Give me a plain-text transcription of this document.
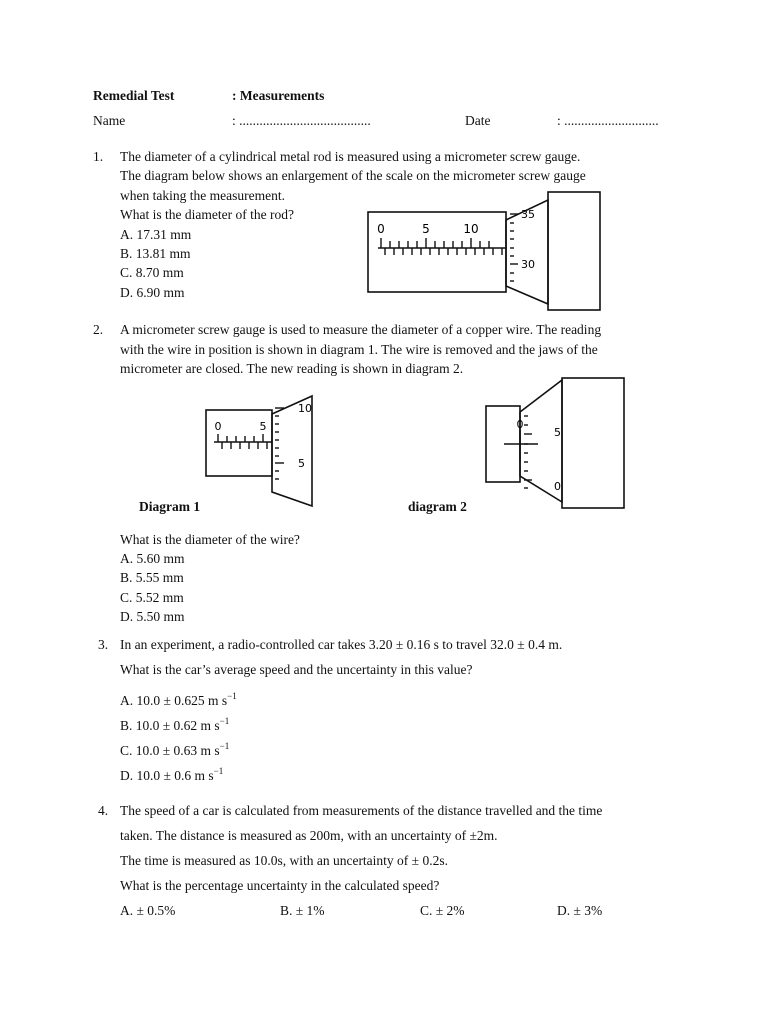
Remedial Test	: Measurements
Name	: .......................................	Date	: ............................
1. The diameter of a cylindrical metal rod is measured using a micrometer screw gauge.
The diagram below shows an enlargement of the scale on the micrometer screw gauge
when taking the measurement.
What is the diameter of the rod?
A. 17.31 mm
B. 13.81 mm
C. 8.70 mm
D. 6.90 mm
0	5	10
35
30
2. A micrometer screw gauge is used to measure the diameter of a copper wire. The reading
with the wire in position is shown in diagram 1. The wire is removed and the jaws of the
micrometer are closed. The new reading is shown in diagram 2.
0	5
10
5
0
5
0
Diagram 1	diagram 2
What is the diameter of the wire?
A. 5.60 mm
B. 5.55 mm
C. 5.52 mm
D. 5.50 mm
3. In an experiment, a radio-controlled car takes 3.20 ± 0.16 s to travel 32.0 ± 0.4 m.
What is the car’s average speed and the uncertainty in this value?
A. 10.0 ± 0.625 m $s^{-1}$
B. 10.0 ± 0.62 m $s^{-1}$
C. 10.0 ± 0.63 m $s^{-1}$
D. 10.0 ± 0.6 m $s^{-1}$
4. The speed of a car is calculated from measurements of the distance travelled and the time
taken. The distance is measured as 200m, with an uncertainty of ±2m.
The time is measured as 10.0s, with an uncertainty of ± 0.2s.
What is the percentage uncertainty in the calculated speed?
A. ± 0.5%	B. ± 1%	C. ± 2%	D. ± 3%
